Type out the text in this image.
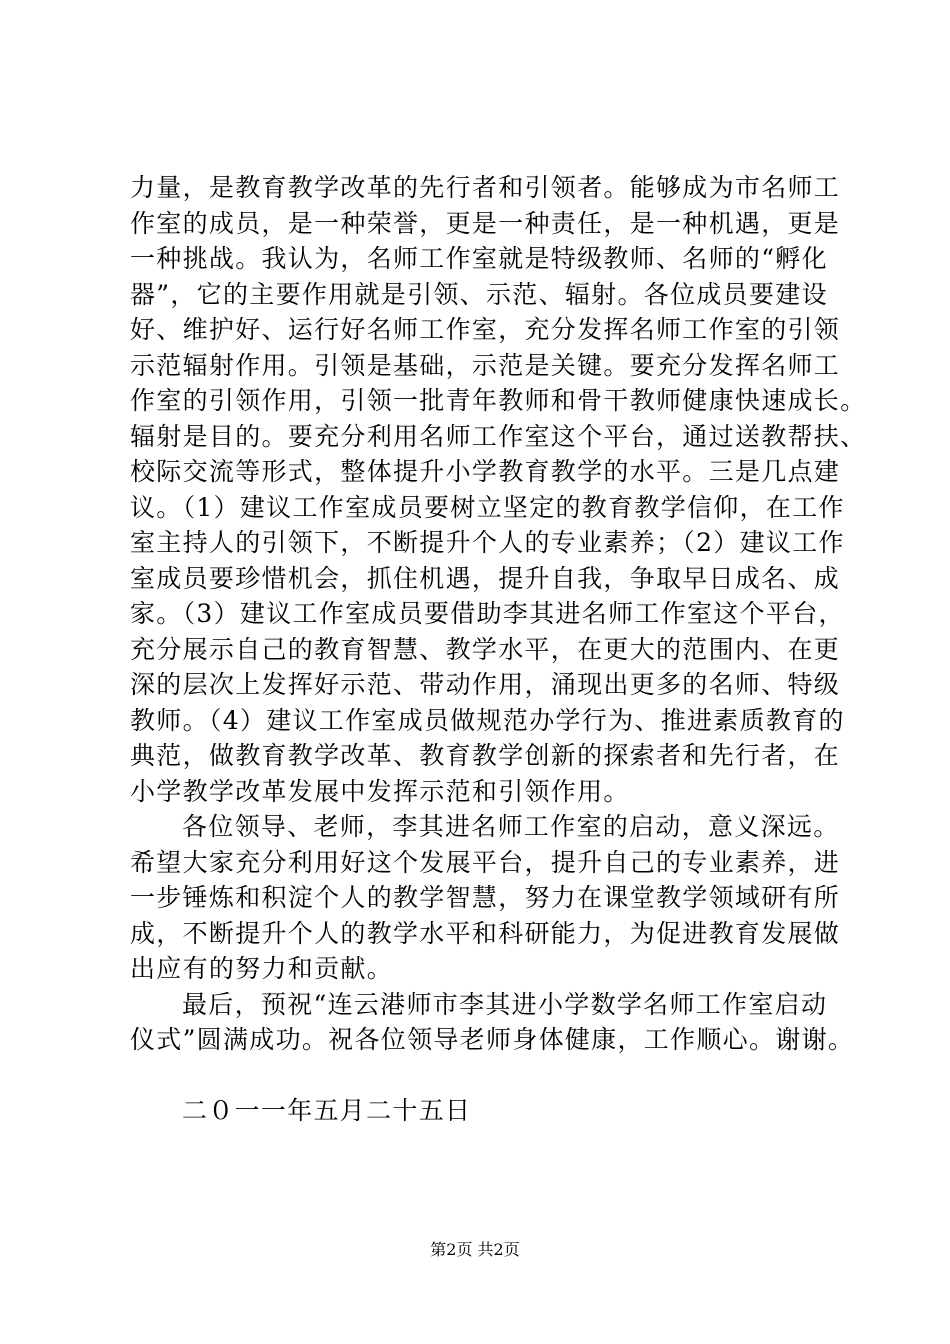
力量，是教育教学改革的先行者和引领者。能够成为市名师工
作室的成员，是一种荣誉，更是一种责任，是一种机遇，更是
一种挑战。我认为，名师工作室就是特级教师、名师的“孵化
器”，它的主要作用就是引领、示范、辐射。各位成员要建设
好、维护好、运行好名师工作室，充分发挥名师工作室的引领
示范辐射作用。引领是基础，示范是关键。要充分发挥名师工
作室的引领作用，引领一批青年教师和骨干教师健康快速成长。
辐射是目的。要充分利用名师工作室这个平台，通过送教帮扶、
校际交流等形式，整体提升小学教育教学的水平。三是几点建
议。（1）建议工作室成员要树立坚定的教育教学信仰，在工作
室主持人的引领下，不断提升个人的专业素养；（2）建议工作
室成员要珍惜机会，抓住机遇，提升自我，争取早日成名、成
家。（3）建议工作室成员要借助李其进名师工作室这个平台，
充分展示自己的教育智慧、教学水平，在更大的范围内、在更
深的层次上发挥好示范、带动作用，涌现出更多的名师、特级
教师。（4）建议工作室成员做规范办学行为、推进素质教育的
典范，做教育教学改革、教育教学创新的探索者和先行者，在
小学教学改革发展中发挥示范和引领作用。
各位领导、老师，李其进名师工作室的启动，意义深远。
希望大家充分利用好这个发展平台，提升自己的专业素养，进
一步锤炼和积淀个人的教学智慧，努力在课堂教学领域研有所
成，不断提升个人的教学水平和科研能力，为促进教育发展做
出应有的努力和贡献。
最后，预祝“连云港师市李其进小学数学名师工作室启动
仪式”圆满成功。祝各位领导老师身体健康，工作顺心。谢谢。
二０一一年五月二十五日
第2页 共2页
